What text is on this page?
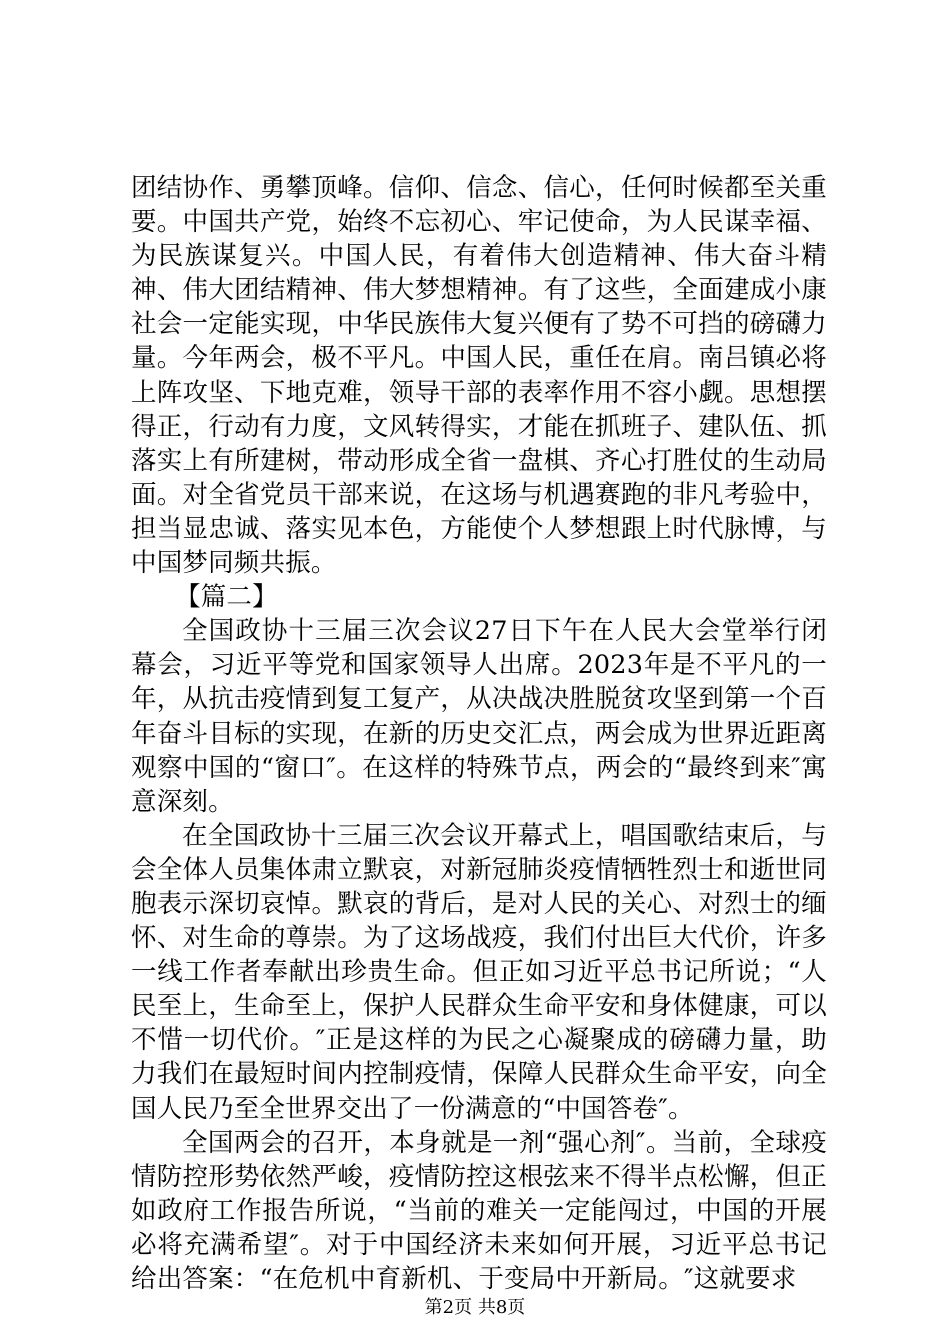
团结协作、勇攀顶峰。信仰、信念、信心，任何时候都至关重要。中国共产党，始终不忘初心、牢记使命，为人民谋幸福、为民族谋复兴。中国人民，有着伟大创造精神、伟大奋斗精神、伟大团结精神、伟大梦想精神。有了这些，全面建成小康社会一定能实现，中华民族伟大复兴便有了势不可挡的磅礴力量。今年两会，极不平凡。中国人民，重任在肩。南吕镇必将上阵攻坚、下地克难，领导干部的表率作用不容小觑。思想摆得正，行动有力度，文风转得实，才能在抓班子、建队伍、抓落实上有所建树，带动形成全省一盘棋、齐心打胜仗的生动局面。对全省党员干部来说，在这场与机遇赛跑的非凡考验中，担当显忠诚、落实见本色，方能使个人梦想跟上时代脉博，与中国梦同频共振。

【篇二】

全国政协十三届三次会议27日下午在人民大会堂举行闭幕会，习近平等党和国家领导人出席。2023年是不平凡的一年，从抗击疫情到复工复产，从决战决胜脱贫攻坚到第一个百年奋斗目标的实现，在新的历史交汇点，两会成为世界近距离观察中国的“窗口″。在这样的特殊节点，两会的“最终到来″寓意深刻。

在全国政协十三届三次会议开幕式上，唱国歌结束后，与会全体人员集体肃立默哀，对新冠肺炎疫情牺牲烈士和逝世同胞表示深切哀悼。默哀的背后，是对人民的关心、对烈士的缅怀、对生命的尊崇。为了这场战疫，我们付出巨大代价，许多一线工作者奉献出珍贵生命。但正如习近平总书记所说；“人民至上，生命至上，保护人民群众生命平安和身体健康，可以不惜一切代价。″正是这样的为民之心凝聚成的磅礴力量，助力我们在最短时间内控制疫情，保障人民群众生命平安，向全国人民乃至全世界交出了一份满意的“中国答卷″。

全国两会的召开，本身就是一剂“强心剂″。当前，全球疫情防控形势依然严峻，疫情防控这根弦来不得半点松懈，但正如政府工作报告所说，“当前的难关一定能闯过，中国的开展必将充满希望″。对于中国经济未来如何开展，习近平总书记给出答案：“在危机中育新机、于变局中开新局。″这就要求

第2页 共8页
